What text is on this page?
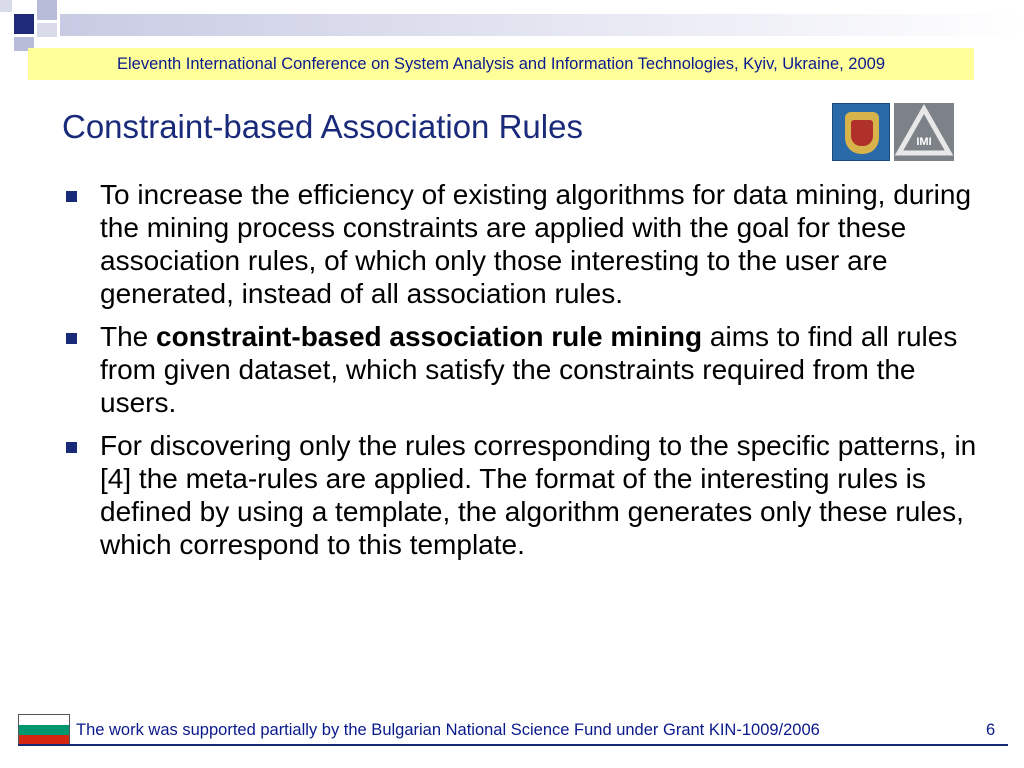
Eleventh International Conference on System Analysis and Information Technologies, Kyiv, Ukraine, 2009
Constraint-based Association Rules	IMI
To increase the efficiency of existing algorithms for data mining, during the mining process constraints are applied with the goal for these association rules, of which only those interesting to the user are generated, instead of all association rules.
The constraint-based association rule mining aims to find all rules from given dataset, which satisfy the constraints required from the users.
For discovering only the rules corresponding to the specific patterns, in [4] the meta-rules are applied. The format of the interesting rules is defined by using a template, the algorithm generates only these rules, which correspond to this template.
The work was supported partially by the Bulgarian National Science Fund under Grant KIN-1009/2006	6
